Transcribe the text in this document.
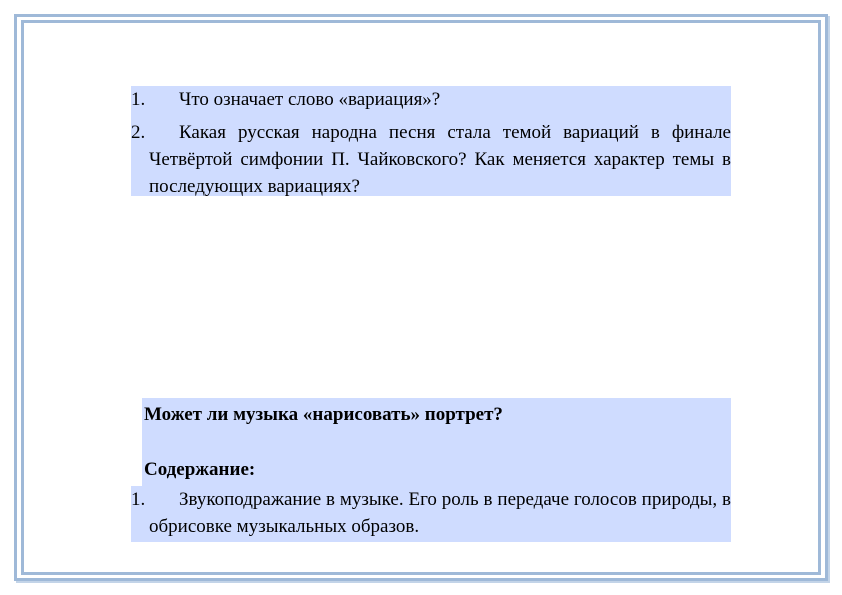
1. Что означает слово «вариация»?
2. Какая русская народна песня стала темой вариаций в финале Четвёртой симфонии П. Чайковского? Как меняется характер темы в последующих вариациях?
Может ли музыка «нарисовать» портрет?
Содержание:
1. Звукоподражание в музыке. Его роль в передаче голосов природы, в обрисовке музыкальных образов.
